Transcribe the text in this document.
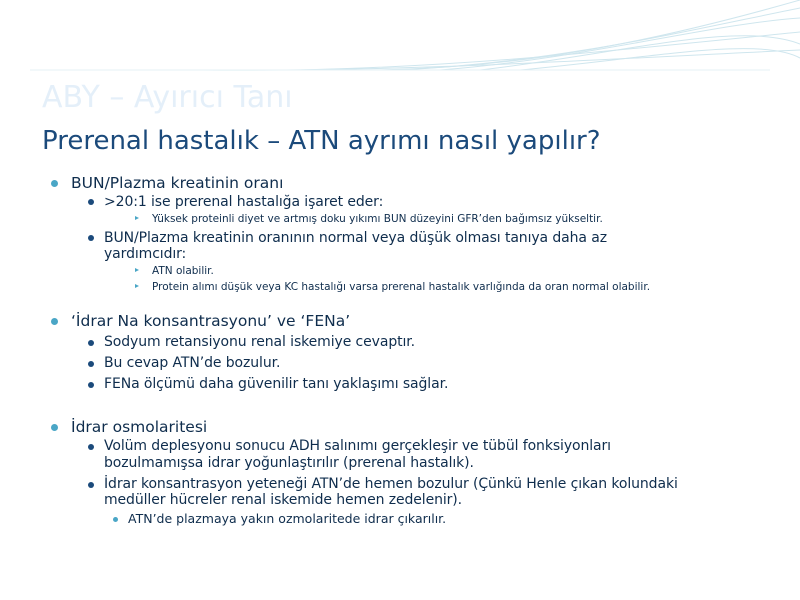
ABY – Ayırıcı Tanı
Prerenal hastalık – ATN ayrımı nasıl yapılır?
BUN/Plazma kreatinin oranı
>20:1 ise prerenal hastalığa işaret eder:
Yüksek proteinli diyet ve artmış doku yıkımı BUN düzeyini GFR’den bağımsız yükseltir.
BUN/Plazma kreatinin oranının normal veya düşük olması tanıya daha az
yardımcıdır:
ATN olabilir.
Protein alımı düşük veya KC hastalığı varsa prerenal hastalık varlığında da oran normal olabilir.
‘İdrar Na konsantrasyonu’ ve ‘FENa’
Sodyum retansiyonu renal iskemiye cevaptır.
Bu cevap ATN’de bozulur.
FENa ölçümü daha güvenilir tanı yaklaşımı sağlar.
İdrar osmolaritesi
Volüm deplesyonu sonucu ADH salınımı gerçekleşir ve tübül fonksiyonları
bozulmamışsa idrar yoğunlaştırılır (prerenal hastalık).
İdrar konsantrasyon yeteneği ATN’de hemen bozulur (Çünkü Henle çıkan kolundaki
medüller hücreler renal iskemide hemen zedelenir).
ATN’de plazmaya yakın ozmolaritede idrar çıkarılır.
